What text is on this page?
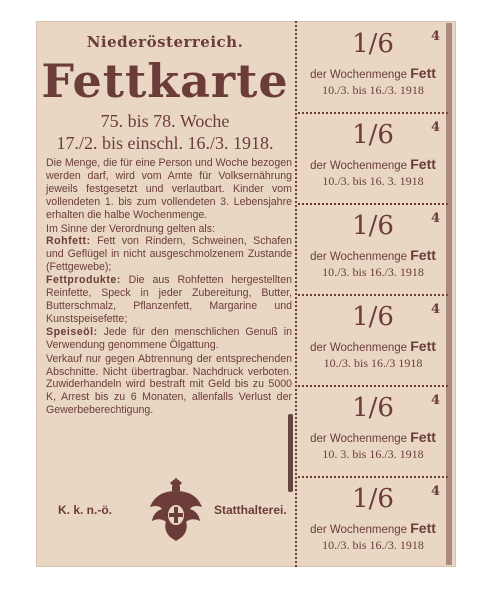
Niederösterreich.
Fettkarte
75. bis 78. Woche
17./2. bis einschl. 16./3. 1918.

Die Menge, die für eine Person und Woche bezogen werden darf, wird vom Amte für Volksernährung jeweils festgesetzt und verlautbart. Kinder vom vollendeten 1. bis zum vollendeten 3. Lebensjahre erhalten die halbe Wochenmenge.

Im Sinne der Verordnung gelten als:

Rohfett: Fett von Rindern, Schweinen, Schafen und Geflügel in nicht ausgeschmolzenem Zustande (Fettgewebe);

Fettprodukte: Die aus Rohfetten hergestellten Reinfette, Speck in jeder Zubereitung, Butter, Butterschmalz, Pflanzenfett, Margarine und Kunstspeisefette;

Speiseöl: Jede für den menschlichen Genuß in Verwendung genommene Ölgattung.

Verkauf nur gegen Abtrennung der entsprechenden Abschnitte. Nicht übertragbar. Nachdruck verboten. Zuwiderhandeln wird bestraft mit Geld bis zu 5000 K, Arrest bis zu 6 Monaten, allenfalls Verlust der Gewerbeberechtigung.

K. k. n.-ö.	Statthalterei.
1/6	4
der Wochenmenge Fett
10./3. bis 16./3. 1918
1/6	4
der Wochenmenge Fett
10./3. bis 16. 3. 1918
1/6	4
der Wochenmenge Fett
10./3. bis 16./3. 1918
1/6	4
der Wochenmenge Fett
10./3. bis 16./3 1918
1/6	4
der Wochenmenge Fett
10. 3. bis 16./3. 1918
1/6	4
der Wochenmenge Fett
10./3. bis 16./3. 1918
